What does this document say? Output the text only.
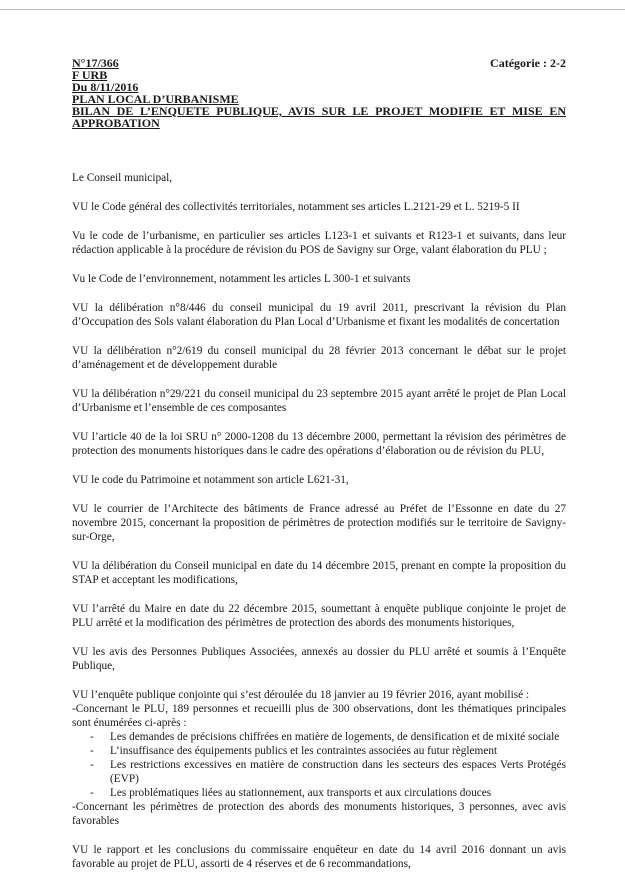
Catégorie : 2-2
N°17/366
F URB
Du 8/11/2016
PLAN LOCAL D’URBANISME
BILAN DE L’ENQUETE PUBLIQUE, AVIS SUR LE PROJET MODIFIE ET MISE EN APPROBATION

Le Conseil municipal,

VU le Code général des collectivités territoriales, notamment ses articles L.2121-29 et L. 5219-5 II

Vu le code de l’urbanisme, en particulier ses articles L123-1 et suivants et R123-1 et suivants, dans leur rédaction applicable à la procédure de révision du POS de Savigny sur Orge, valant élaboration du PLU ;

Vu le Code de l’environnement, notamment les articles L 300-1 et suivants

VU la délibération n°8/446 du conseil municipal du 19 avril 2011, prescrivant la révision du Plan d’Occupation des Sols valant élaboration du Plan Local d’Urbanisme et fixant les modalités de concertation

VU la délibération n°2/619 du conseil municipal du 28 février 2013 concernant le débat sur le projet d’aménagement et de développement durable

VU la délibération n°29/221 du conseil municipal du 23 septembre 2015 ayant arrêté le projet de Plan Local d’Urbanisme et l’ensemble de ces composantes

VU l’article 40 de la loi SRU n° 2000-1208 du 13 décembre 2000, permettant la révision des périmètres de protection des monuments historiques dans le cadre des opérations d’élaboration ou de révision du PLU,

VU le code du Patrimoine et notamment son article L621-31,

VU le courrier de l’Architecte des bâtiments de France adressé au Préfet de l’Essonne en date du 27 novembre 2015, concernant la proposition de périmètres de protection modifiés sur le territoire de Savigny-sur-Orge,

VU la délibération du Conseil municipal en date du 14 décembre 2015, prenant en compte la proposition du STAP et acceptant les modifications,

VU l’arrêté du Maire en date du 22 décembre 2015, soumettant à enquête publique conjointe le projet de PLU arrêté et la modification des périmètres de protection des abords des monuments historiques,

VU les avis des Personnes Publiques Associées, annexés au dossier du PLU arrêté et soumis à l’Enquête Publique,

VU l’enquête publique conjointe qui s’est déroulée du 18 janvier au 19 février 2016, ayant mobilisé :

-Concernant le PLU, 189 personnes et recueilli plus de 300 observations, dont les thématiques principales sont énumérées ci-après :

- Les demandes de précisions chiffrées en matière de logements, de densification et de mixité sociale
- L’insuffisance des équipements publics et les contraintes associées au futur règlement
- Les restrictions excessives en matière de construction dans les secteurs des espaces Verts Protégés (EVP)
- Les problématiques liées au stationnement, aux transports et aux circulations douces

-Concernant les périmètres de protection des abords des monuments historiques, 3 personnes, avec avis favorables

VU le rapport et les conclusions du commissaire enquêteur en date du 14 avril 2016 donnant un avis favorable au projet de PLU, assorti de 4 réserves et de 6 recommandations,
